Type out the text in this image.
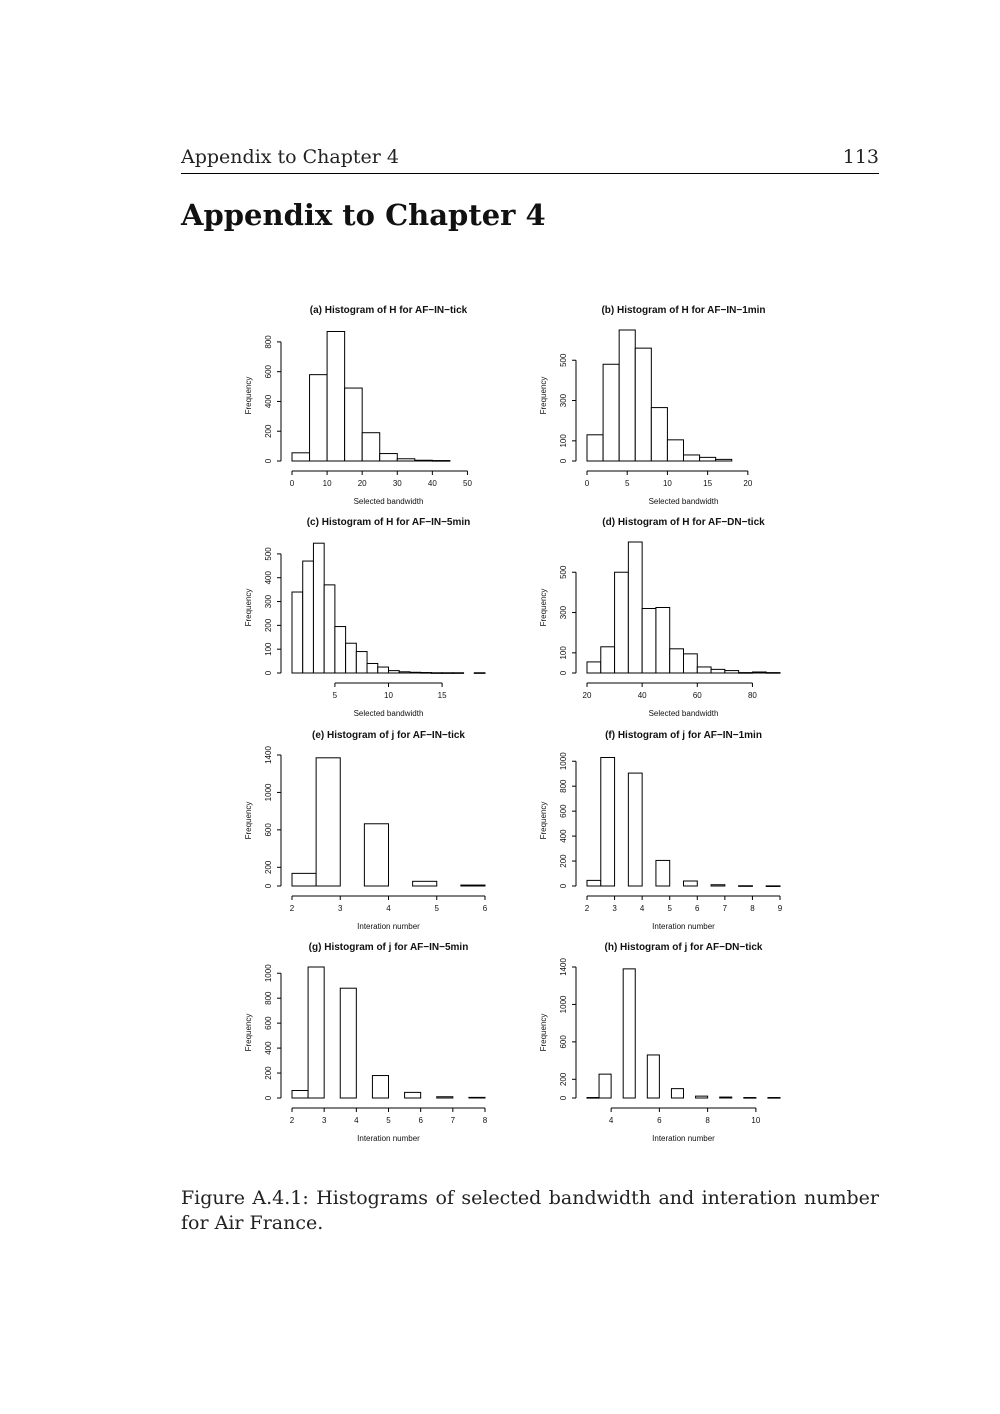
Appendix to Chapter 4	113
Appendix to Chapter 4
(a) Histogram of H for AF−IN−tick
0	10	20	30	40	50
0
200
400
600
800
Selected bandwidth
Frequency
(b) Histogram of H for AF−IN−1min
0	5	10	15	20
0
100
300
500
Selected bandwidth
Frequency
(c) Histogram of H for AF−IN−5min
5	10	15
0
100
200
300
400
500
Selected bandwidth
Frequency
(d) Histogram of H for AF−DN−tick
20	40	60	80
0
100
300
500
Selected bandwidth
Frequency
(e) Histogram of j for AF−IN−tick
2	3	4	5	6
0
200
600
1000
1400
Interation number
Frequency
(f) Histogram of j for AF−IN−1min
2	3	4	5	6	7	8	9
0
200
400
600
800
1000
Interation number
Frequency
(g) Histogram of j for AF−IN−5min
2	3	4	5	6	7	8
0
200
400
600
800
1000
Interation number
Frequency
(h) Histogram of j for AF−DN−tick
4	6	8	10
0
200
600
1000
1400
Interation number
Frequency
Figure A.4.1: Histograms of selected bandwidth and interation number for Air France.
